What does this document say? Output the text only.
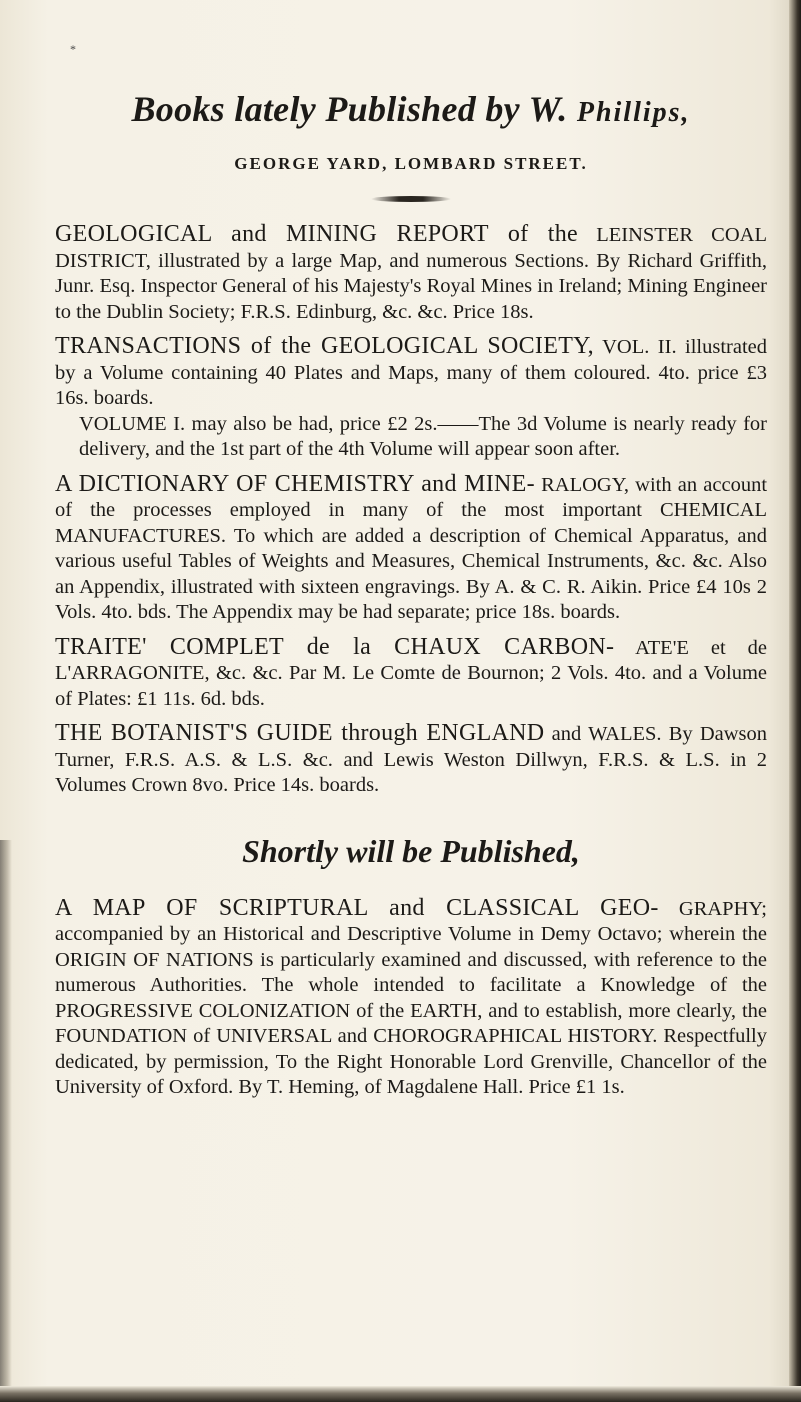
*
Books lately Published by W. Phillips,
GEORGE YARD, LOMBARD STREET.

GEOLOGICAL and MINING REPORT of the LEINSTER COAL DISTRICT, illustrated by a large Map, and numerous Sections. By Richard Griffith, Junr. Esq. Inspector General of his Majesty's Royal Mines in Ireland; Mining Engineer to the Dublin Society; F.R.S. Edinburg, &c. &c. Price 18s.

TRANSACTIONS of the GEOLOGICAL SOCIETY, VOL. II. illustrated by a Volume containing 40 Plates and Maps, many of them coloured. 4to. price £3 16s. boards.
VOLUME I. may also be had, price £2 2s.——The 3d Volume is nearly ready for delivery, and the 1st part of the 4th Volume will appear soon after.

A DICTIONARY OF CHEMISTRY and MINE- RALOGY, with an account of the processes employed in many of the most important CHEMICAL MANUFACTURES. To which are added a description of Chemical Apparatus, and various useful Tables of Weights and Measures, Chemical Instruments, &c. &c. Also an Appendix, illustrated with sixteen engravings. By A. & C. R. Aikin. Price £4 10s 2 Vols. 4to. bds. The Appendix may be had separate; price 18s. boards.

TRAITE' COMPLET de la CHAUX CARBON- ATE'E et de L'ARRAGONITE, &c. &c. Par M. Le Comte de Bournon; 2 Vols. 4to. and a Volume of Plates: £1 11s. 6d. bds.

THE BOTANIST'S GUIDE through ENGLAND and WALES. By Dawson Turner, F.R.S. A.S. & L.S. &c. and Lewis Weston Dillwyn, F.R.S. & L.S. in 2 Volumes Crown 8vo. Price 14s. boards.

Shortly will be Published,

A MAP OF SCRIPTURAL and CLASSICAL GEO- GRAPHY; accompanied by an Historical and Descriptive Volume in Demy Octavo; wherein the ORIGIN OF NATIONS is particularly examined and discussed, with reference to the numerous Authorities. The whole intended to facilitate a Knowledge of the PROGRESSIVE COLONIZATION of the EARTH, and to establish, more clearly, the FOUNDATION of UNIVERSAL and CHOROGRAPHICAL HISTORY. Respectfully dedicated, by permission, To the Right Honorable Lord Grenville, Chancellor of the University of Oxford. By T. Heming, of Magdalene Hall. Price £1 1s.
